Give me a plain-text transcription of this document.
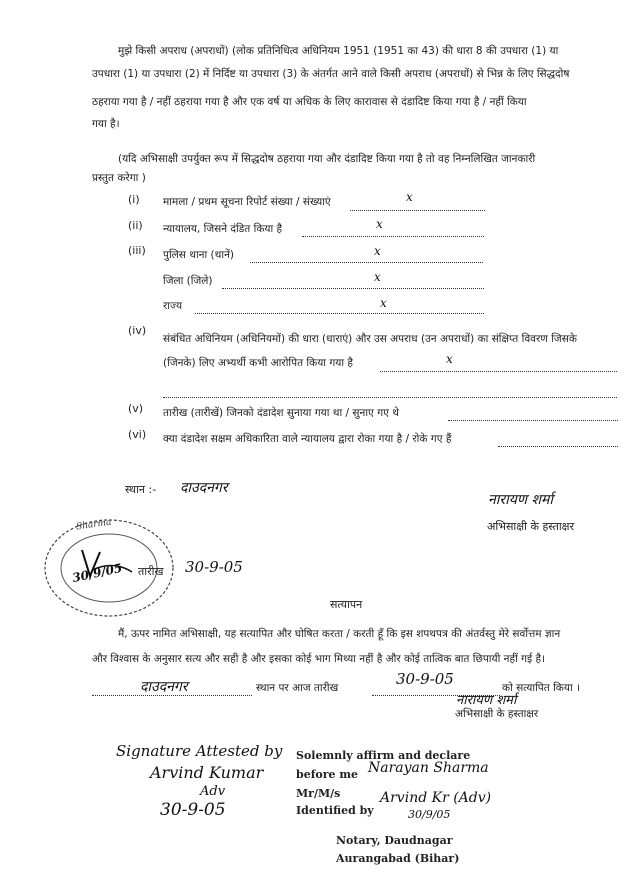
मुझे किसी अपराध (अपराधों) (लोक प्रतिनिधित्व अधिनियम 1951 (1951 का 43) की धारा 8 की उपधारा (1) या
उपधारा (1) या उपधारा (2) में निर्दिष्ट या उपधारा (3) के अंतर्गत आने वाले किसी अपराध (अपराधों) से भिन्न के लिए सिद्धदोष
ठहराया गया है / नहीं ठहराया गया है और एक वर्ष या अधिक के लिए कारावास से दंडादिष्ट किया गया है / नहीं किया
गया है।
(यदि अभिसाक्षी उपर्युक्त रूप में सिद्धदोष ठहराया गया और दंडादिष्ट किया गया है तो वह निम्नलिखित जानकारी
प्रस्तुत करेगा )
(i) मामला / प्रथम सूचना रिपोर्ट संख्या / संख्याएं	x
(ii) न्यायालय, जिसने दंडित किया है	x
(iii) पुलिस थाना (थानें)	x
जिला (जिले)	x
राज्य	x
(iv)
संबंधित अधिनियम (अधिनियमों) की धारा (धाराएं) और उस अपराध (उन अपराधों) का संक्षिप्त विवरण जिसके
(जिनके) लिए अभ्यर्थी कभी आरोपित किया गया है	x
(v) तारीख (तारीखें) जिनको दंडादेश सुनाया गया था / सुनाए गए थे
(vi) क्या दंडादेश सक्षम अधिकारिता वाले न्यायालय द्वारा रोका गया है / रोके गए हैं
स्थान :- दाउदनगर
नारायण शर्मा
अभिसाक्षी के हस्ताक्षर
Sharma
30/9/05 तारीख 30-9-05
सत्यापन
मैं, ऊपर नामित अभिसाक्षी, यह सत्यापित और घोषित करता / करती हूँ कि इस शपथपत्र की अंतर्वस्तु मेरे सर्वोत्तम ज्ञान
और विश्वास के अनुसार सत्य और सही है और इसका कोई भाग मिथ्या नहीं है और कोई तात्विक बात छिपायी नहीं गई है।
दाउदनगर	स्थान पर आज तारीख	30-9-05	को सत्यापित किया ।
नारायण शर्मा
अभिसाक्षी के हस्ताक्षर
Signature Attested by
Arvind Kumar
Adv
30-9-05
Solemnly affirm and declare
before me Narayan Sharma
Mr/M/s
Identified by
Arvind Kr (Adv)
30/9/05
Notary, Daudnagar
Aurangabad (Bihar)
